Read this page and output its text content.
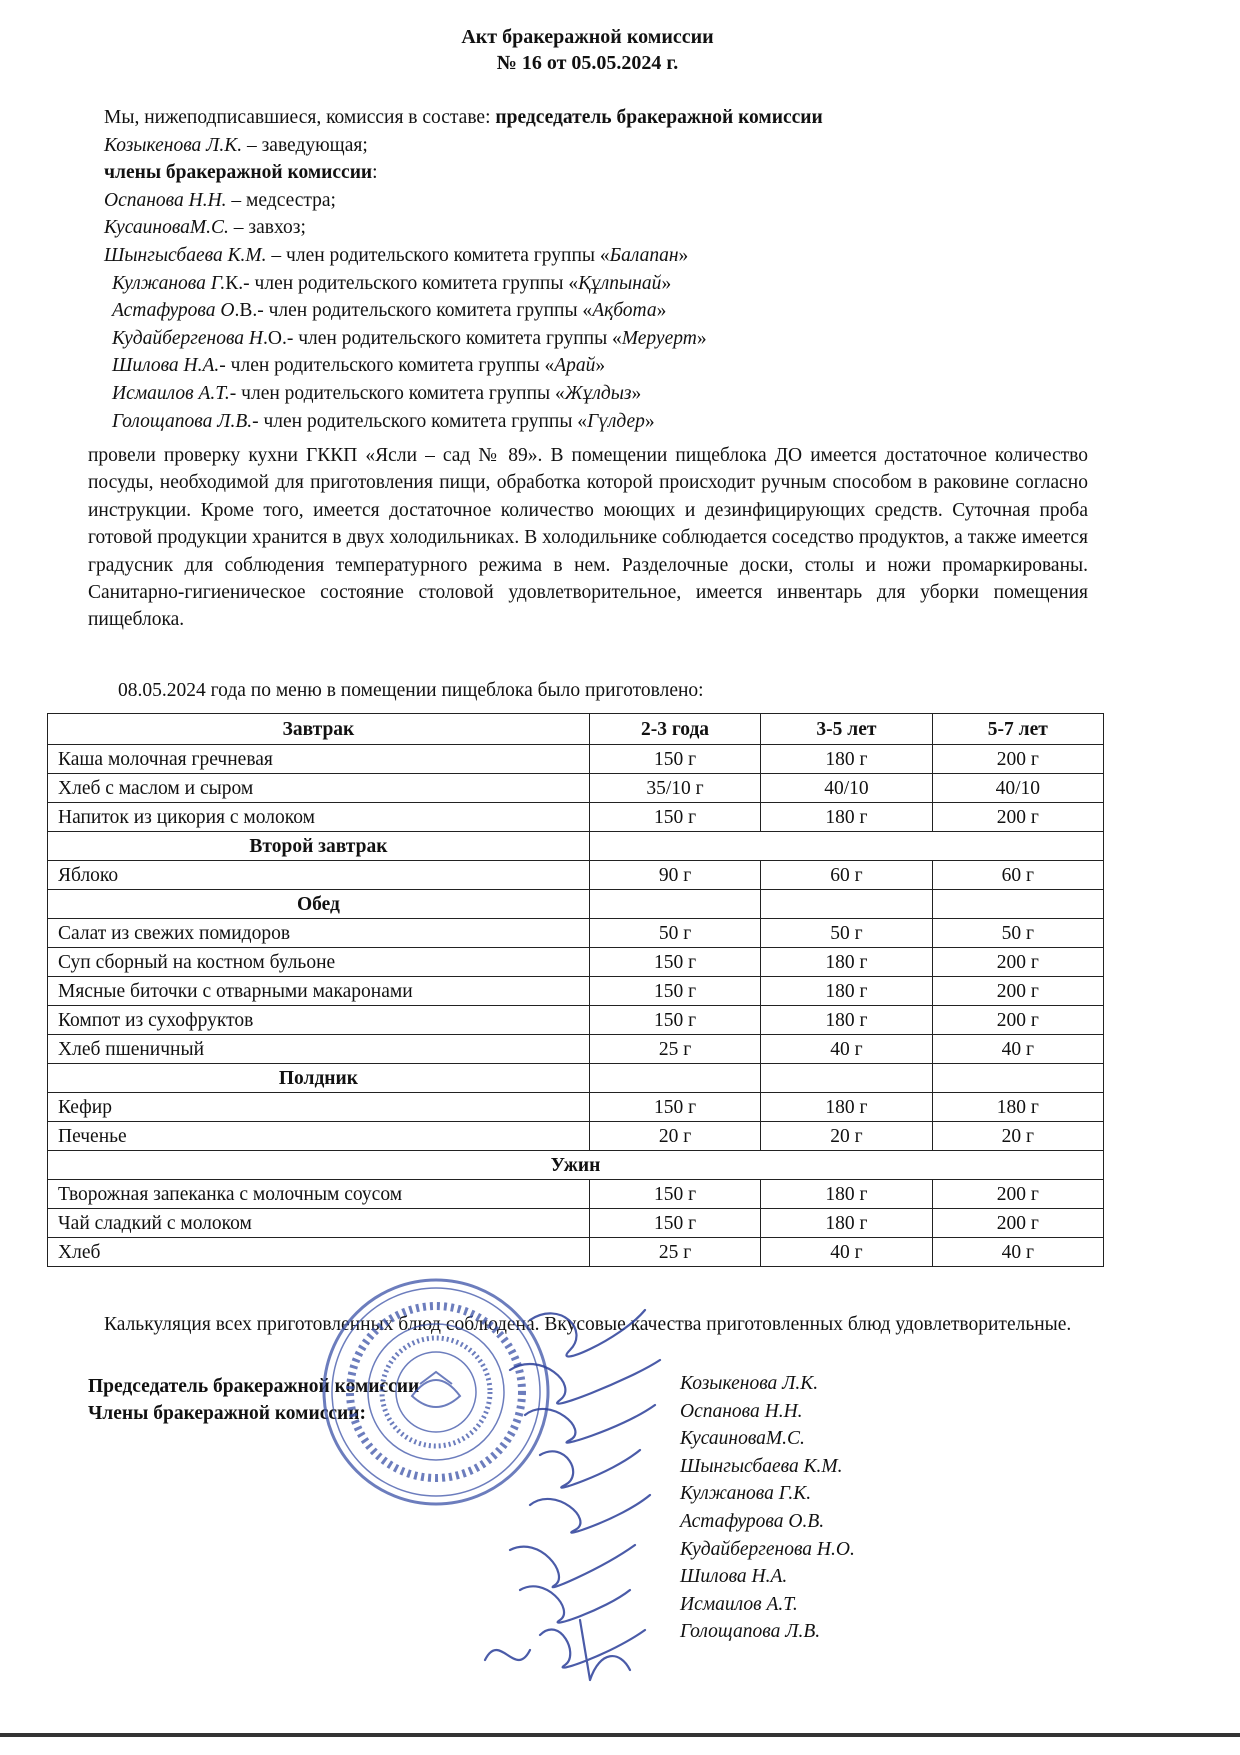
Акт бракеражной комиссии
№ 16 от 05.05.2024 г.
Мы, нижеподписавшиеся, комиссия в составе: председатель бракеражной комиссии
Козыкенова Л.К. – заведующая;
члены бракеражной комиссии:
Оспанова Н.Н. – медсестра;
КусаиноваМ.С. – завхоз;
Шынгысбаева К.М. – член родительского комитета группы «Балапан»
Кулжанова Г.К.- член родительского комитета группы «Құлпынай»
Астафурова О.В.- член родительского комитета группы «Ақбота»
Кудайбергенова Н.О.- член родительского комитета группы «Меруерт»
Шилова Н.А.- член родительского комитета группы «Арай»
Исмаилов А.Т.- член родительского комитета группы «Жұлдыз»
Голощапова Л.В.- член родительского комитета группы «Гүлдер»
провели проверку кухни ГККП «Ясли – сад № 89». В помещении пищеблока ДО имеется достаточное количество посуды, необходимой для приготовления пищи, обработка которой происходит ручным способом в раковине согласно инструкции. Кроме того, имеется достаточное количество моющих и дезинфицирующих средств. Суточная проба готовой продукции хранится в двух холодильниках. В холодильнике соблюдается соседство продуктов, а также имеется градусник для соблюдения температурного режима в нем. Разделочные доски, столы и ножи промаркированы. Санитарно-гигиеническое состояние столовой удовлетворительное, имеется инвентарь для уборки помещения пищеблока.
08.05.2024 года по меню в помещении пищеблока было приготовлено:
Завтрак	2-3 года	3-5 лет	5-7 лет
Каша молочная гречневая	150 г	180 г	200 г
Хлеб с маслом и сыром	35/10 г	40/10	40/10
Напиток из цикория с молоком	150 г	180 г	200 г
Второй завтрак			
Яблоко	90 г	60 г	60 г
Обед			
Салат из свежих помидоров	50 г	50 г	50 г
Суп сборный на костном бульоне	150 г	180 г	200 г
Мясные биточки с отварными макаронами	150 г	180 г	200 г
Компот из сухофруктов	150 г	180 г	200 г
Хлеб пшеничный	25 г	40 г	40 г
Полдник			
Кефир	150 г	180 г	180 г
Печенье	20 г	20 г	20 г
Ужин			
Творожная запеканка с молочным соусом	150 г	180 г	200 г
Чай сладкий с молоком	150 г	180 г	200 г
Хлеб	25 г	40 г	40 г
Калькуляция всех приготовленных блюд соблюдена. Вкусовые качества приготовленных блюд удовлетворительные.
Председатель бракеражной комиссии
Члены бракеражной комиссии:
Козыкенова Л.К.
Оспанова Н.Н.
КусаиноваМ.С.
Шынгысбаева К.М.
Кулжанова Г.К.
Астафурова О.В.
Кудайбергенова Н.О.
Шилова Н.А.
Исмаилов А.Т.
Голощапова Л.В.
